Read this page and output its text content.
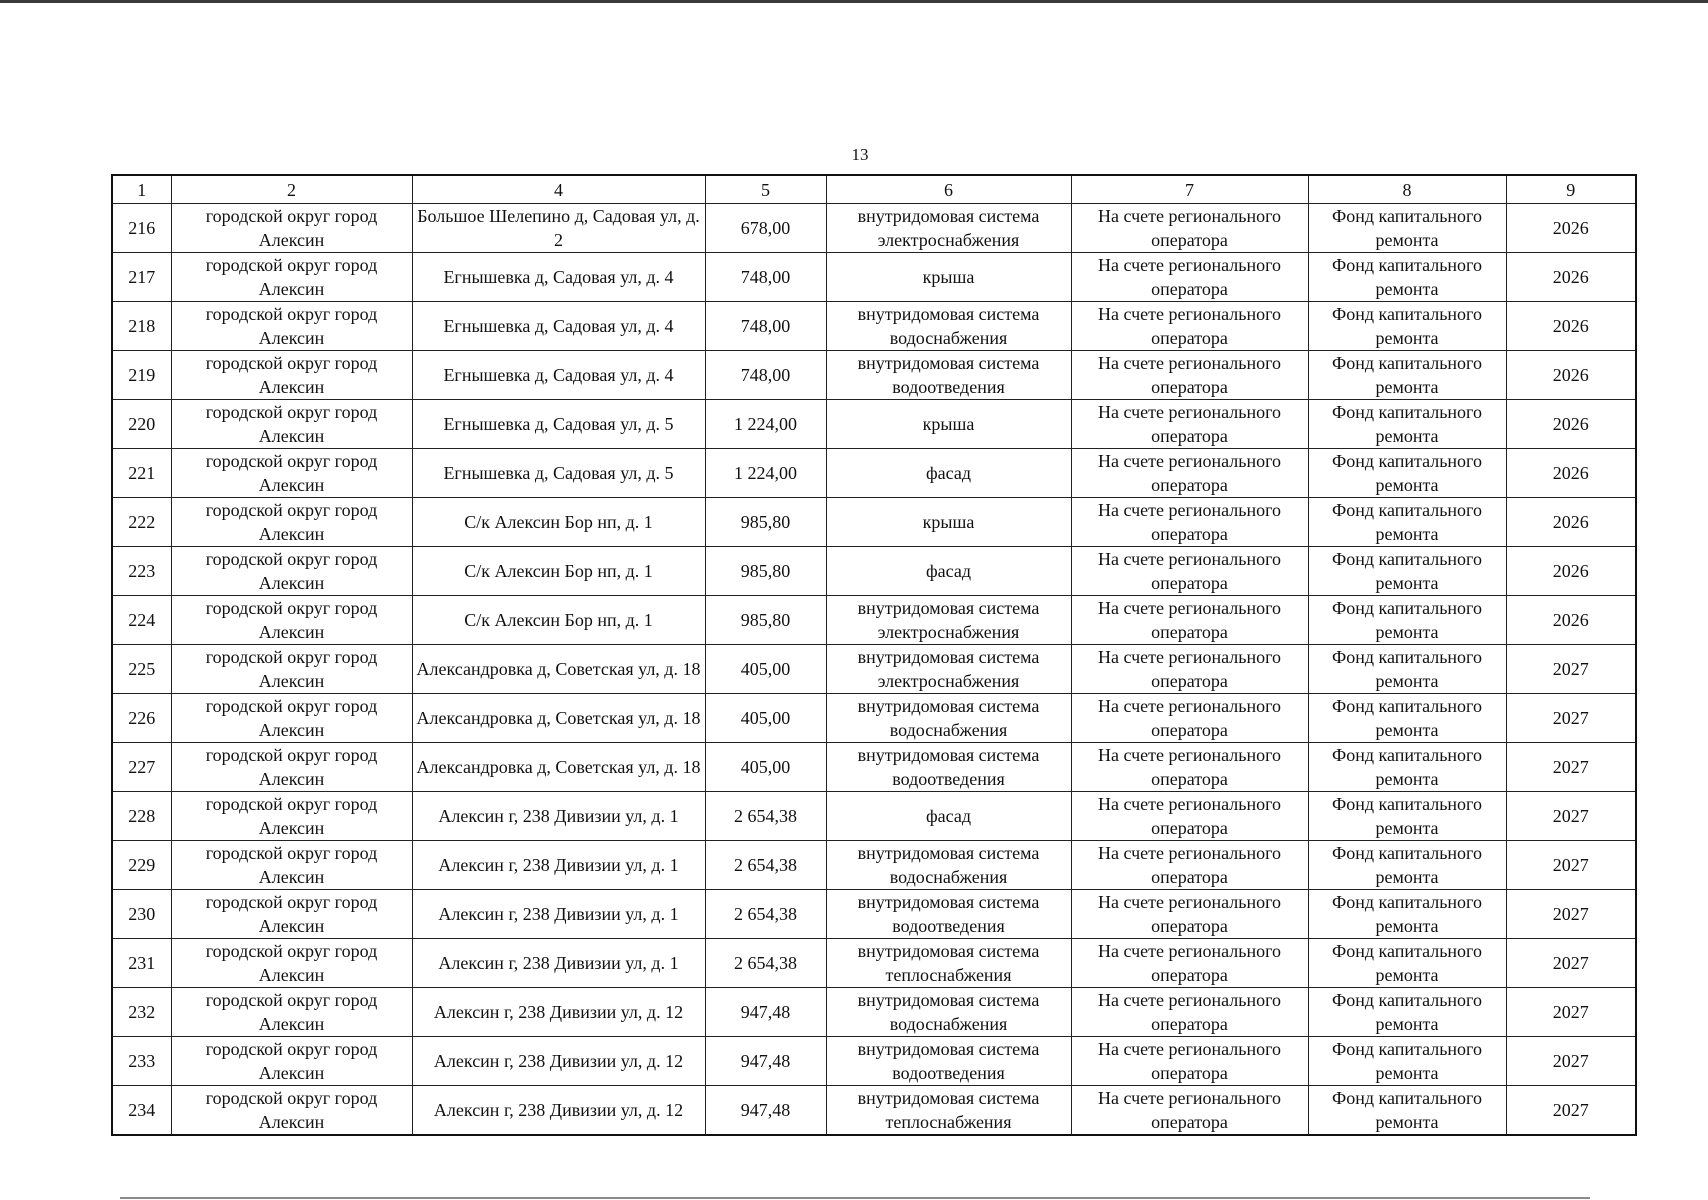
13
1	2	4	5	6	7	8	9
216	городской округ город Алексин	Большое Шелепино д, Садовая ул, д. 2	678,00	внутридомовая система электроснабжения	На счете регионального оператора	Фонд капитального ремонта	2026
217	городской округ город Алексин	Егнышевка д, Садовая ул, д. 4	748,00	крыша	На счете регионального оператора	Фонд капитального ремонта	2026
218	городской округ город Алексин	Егнышевка д, Садовая ул, д. 4	748,00	внутридомовая система водоснабжения	На счете регионального оператора	Фонд капитального ремонта	2026
219	городской округ город Алексин	Егнышевка д, Садовая ул, д. 4	748,00	внутридомовая система водоотведения	На счете регионального оператора	Фонд капитального ремонта	2026
220	городской округ город Алексин	Егнышевка д, Садовая ул, д. 5	1 224,00	крыша	На счете регионального оператора	Фонд капитального ремонта	2026
221	городской округ город Алексин	Егнышевка д, Садовая ул, д. 5	1 224,00	фасад	На счете регионального оператора	Фонд капитального ремонта	2026
222	городской округ город Алексин	С/к Алексин Бор нп, д. 1	985,80	крыша	На счете регионального оператора	Фонд капитального ремонта	2026
223	городской округ город Алексин	С/к Алексин Бор нп, д. 1	985,80	фасад	На счете регионального оператора	Фонд капитального ремонта	2026
224	городской округ город Алексин	С/к Алексин Бор нп, д. 1	985,80	внутридомовая система электроснабжения	На счете регионального оператора	Фонд капитального ремонта	2026
225	городской округ город Алексин	Александровка д, Советская ул, д. 18	405,00	внутридомовая система электроснабжения	На счете регионального оператора	Фонд капитального ремонта	2027
226	городской округ город Алексин	Александровка д, Советская ул, д. 18	405,00	внутридомовая система водоснабжения	На счете регионального оператора	Фонд капитального ремонта	2027
227	городской округ город Алексин	Александровка д, Советская ул, д. 18	405,00	внутридомовая система водоотведения	На счете регионального оператора	Фонд капитального ремонта	2027
228	городской округ город Алексин	Алексин г, 238 Дивизии ул, д. 1	2 654,38	фасад	На счете регионального оператора	Фонд капитального ремонта	2027
229	городской округ город Алексин	Алексин г, 238 Дивизии ул, д. 1	2 654,38	внутридомовая система водоснабжения	На счете регионального оператора	Фонд капитального ремонта	2027
230	городской округ город Алексин	Алексин г, 238 Дивизии ул, д. 1	2 654,38	внутридомовая система водоотведения	На счете регионального оператора	Фонд капитального ремонта	2027
231	городской округ город Алексин	Алексин г, 238 Дивизии ул, д. 1	2 654,38	внутридомовая система теплоснабжения	На счете регионального оператора	Фонд капитального ремонта	2027
232	городской округ город Алексин	Алексин г, 238 Дивизии ул, д. 12	947,48	внутридомовая система водоснабжения	На счете регионального оператора	Фонд капитального ремонта	2027
233	городской округ город Алексин	Алексин г, 238 Дивизии ул, д. 12	947,48	внутридомовая система водоотведения	На счете регионального оператора	Фонд капитального ремонта	2027
234	городской округ город Алексин	Алексин г, 238 Дивизии ул, д. 12	947,48	внутридомовая система теплоснабжения	На счете регионального оператора	Фонд капитального ремонта	2027
